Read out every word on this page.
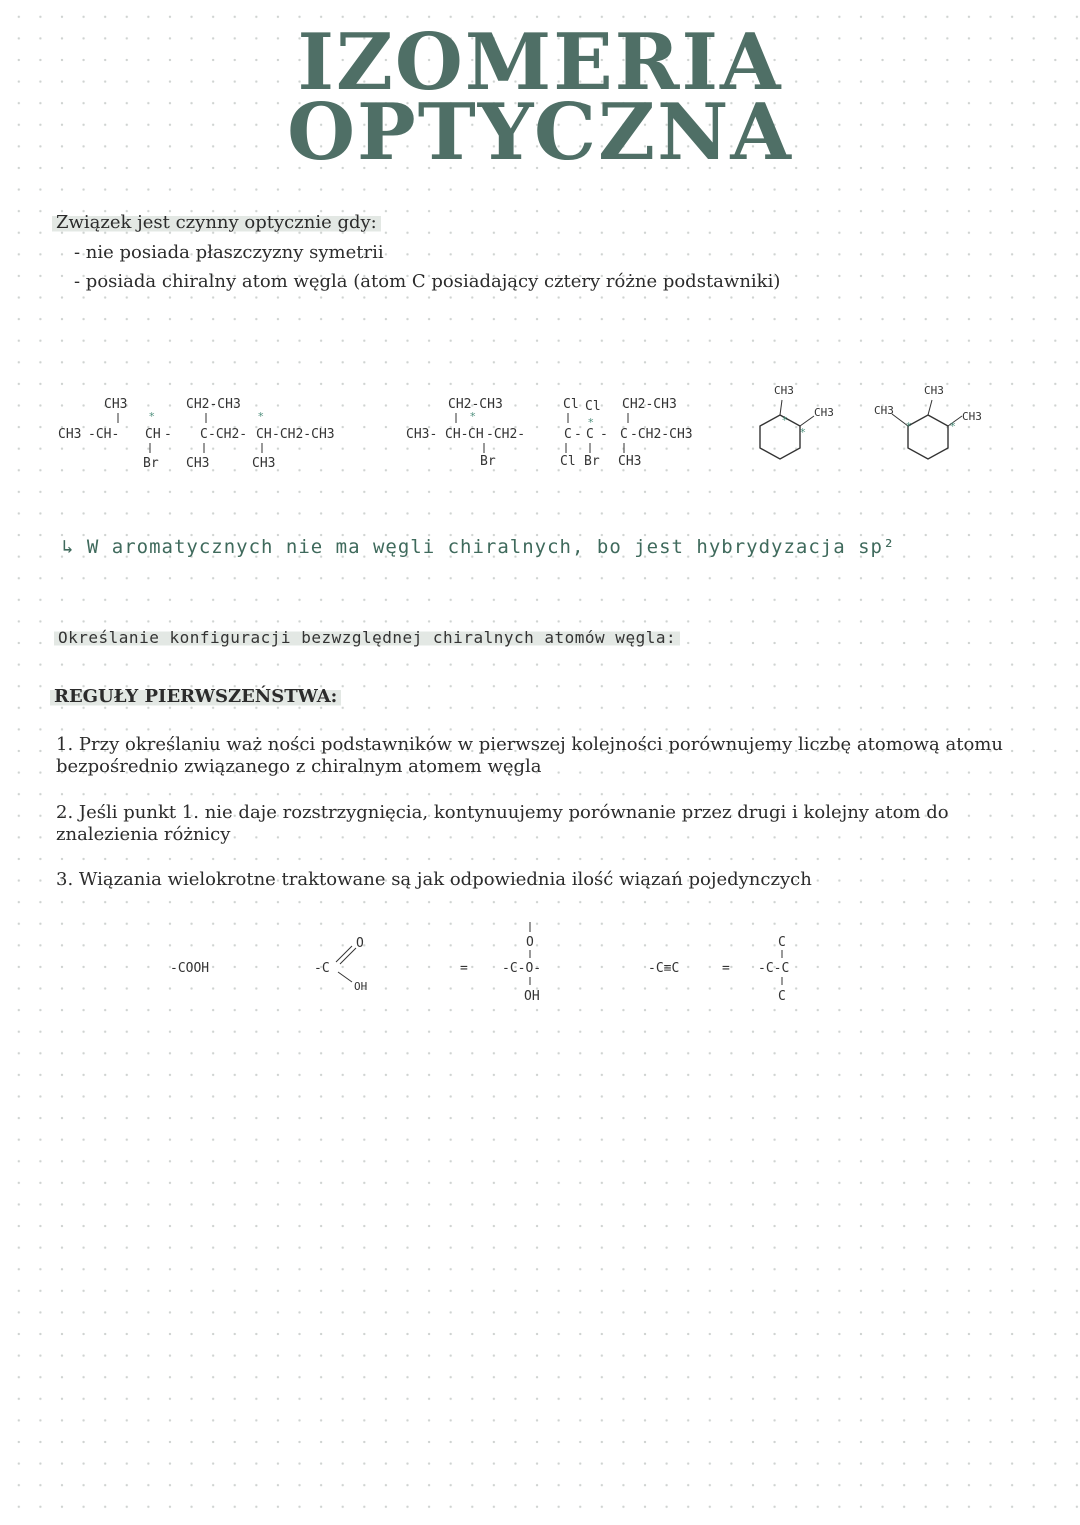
IZOMERIA
OPTYCZNA
Związek jest czynny optycznie gdy:
- nie posiada płaszczyzny symetrii
- posiada chiralny atom węgla (atom C posiadający cztery różne podstawniki)
CH3	CH2-CH3
CH3 -CH- CH - C -CH2- CH -CH2-CH3
*	*
Br CH3	CH3
CH2-CH3	Cl Cl CH2-CH3
CH3- CH- CH -CH2-	C - C - C -CH2-CH3
*	*
Br	Cl Br CH3
CH3
CH3
*
*
CH3
CH3	CH3
*	*
-COOH	-C
O
OH
=
O
-C-O-
OH
-C≡C	=
C
-C-C
C
↳ W aromatycznych nie ma węgli chiralnych, bo jest hybrydyzacja sp²
Określanie konfiguracji bezwzględnej chiralnych atomów węgla:
REGUŁY PIERWSZEŃSTWA:
1. Przy określaniu waż ności podstawników w pierwszej kolejności porównujemy liczbę atomową atomu bezpośrednio związanego z chiralnym atomem węgla
2. Jeśli punkt 1. nie daje rozstrzygnięcia, kontynuujemy porównanie przez drugi i kolejny atom do znalezienia różnicy
3. Wiązania wielokrotne traktowane są jak odpowiednia ilość wiązań pojedynczych
